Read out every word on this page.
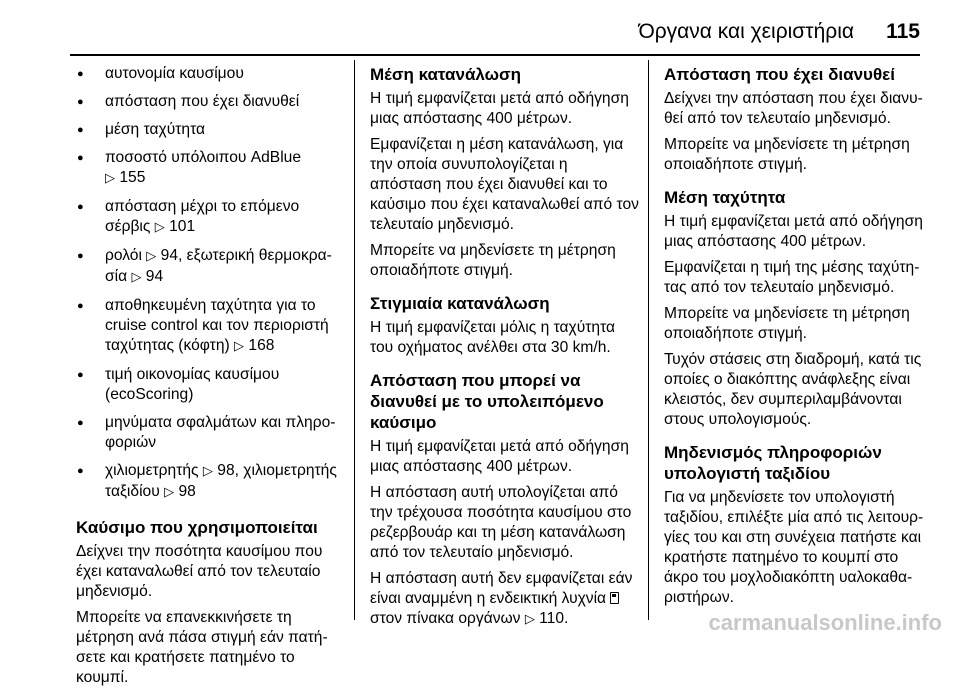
Όργανα και χειριστήρια 115
● αυτονομία καυσίμου
● απόσταση που έχει διανυθεί
● μέση ταχύτητα
● ποσοστό υπόλοιπου AdBlue
▷ 155
● απόσταση μέχρι το επόμενο σέρβις ▷ 101
● ρολόι ▷ 94, εξωτερική θερμοκρασία ▷ 94
● αποθηκευμένη ταχύτητα για το cruise control και τον περιοριστή ταχύτητας (κόφτη) ▷ 168
● τιμή οικονομίας καυσίμου (ecoScoring)
● μηνύματα σφαλμάτων και πληροφοριών
● χιλιομετρητής ▷ 98, χιλιομετρητής ταξιδίου ▷ 98
Καύσιμο που χρησιμοποιείται

Δείχνει την ποσότητα καυσίμου που έχει καταναλωθεί από τον τελευταίο μηδενισμό.

Μπορείτε να επανεκκινήσετε τη μέτρηση ανά πάσα στιγμή εάν πατήσετε και κρατήσετε πατημένο το κουμπί.

Μέση κατανάλωση

Η τιμή εμφανίζεται μετά από οδήγηση μιας απόστασης 400 μέτρων.

Εμφανίζεται η μέση κατανάλωση, για την οποία συνυπολογίζεται η απόσταση που έχει διανυθεί και το καύσιμο που έχει καταναλωθεί από τον τελευταίο μηδενισμό.

Μπορείτε να μηδενίσετε τη μέτρηση οποιαδήποτε στιγμή.

Στιγμιαία κατανάλωση

Η τιμή εμφανίζεται μόλις η ταχύτητα του οχήματος ανέλθει στα 30 km/h.

Απόσταση που μπορεί να διανυθεί με το υπολειπόμενο καύσιμο

Η τιμή εμφανίζεται μετά από οδήγηση μιας απόστασης 400 μέτρων.

Η απόσταση αυτή υπολογίζεται από την τρέχουσα ποσότητα καυσίμου στο ρεζερβουάρ και τη μέση κατανάλωση από τον τελευταίο μηδενισμό.

Η απόσταση αυτή δεν εμφανίζεται εάν είναι αναμμένη η ενδεικτική λυχνία  στον πίνακα οργάνων ▷ 110.

Απόσταση που έχει διανυθεί

Δείχνει την απόσταση που έχει διανυθεί από τον τελευταίο μηδενισμό.

Μπορείτε να μηδενίσετε τη μέτρηση οποιαδήποτε στιγμή.

Μέση ταχύτητα

Η τιμή εμφανίζεται μετά από οδήγηση μιας απόστασης 400 μέτρων.

Εμφανίζεται η τιμή της μέσης ταχύτητας από τον τελευταίο μηδενισμό.

Μπορείτε να μηδενίσετε τη μέτρηση οποιαδήποτε στιγμή.

Τυχόν στάσεις στη διαδρομή, κατά τις οποίες ο διακόπτης ανάφλεξης είναι κλειστός, δεν συμπεριλαμβάνονται στους υπολογισμούς.

Μηδενισμός πληροφοριών υπολογιστή ταξιδίου

Για να μηδενίσετε τον υπολογιστή ταξιδίου, επιλέξτε μία από τις λειτουργίες του και στη συνέχεια πατήστε και κρατήστε πατημένο το κουμπί στο άκρο του μοχλοδιακόπτη υαλοκαθαριστήρων.

carmanualsonline.info
